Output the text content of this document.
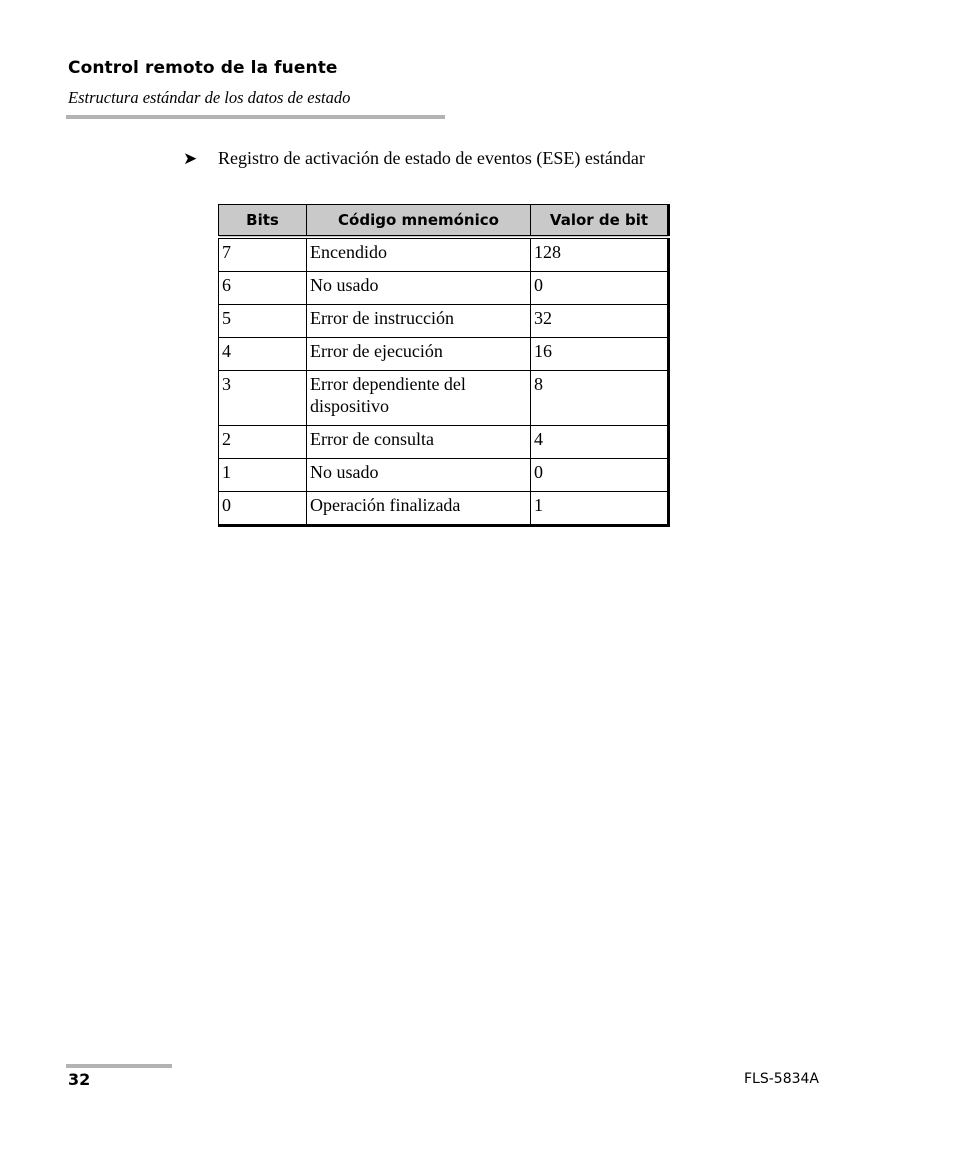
Control remoto de la fuente
Estructura estándar de los datos de estado
➤ Registro de activación de estado de eventos (ESE) estándar
Bits	Código mnemónico	Valor de bit
7	Encendido	128
6	No usado	0
5	Error de instrucción	32
4	Error de ejecución	16
3	Error dependiente del dispositivo	8
2	Error de consulta	4
1	No usado	0
0	Operación finalizada	1
32	FLS-5834A
